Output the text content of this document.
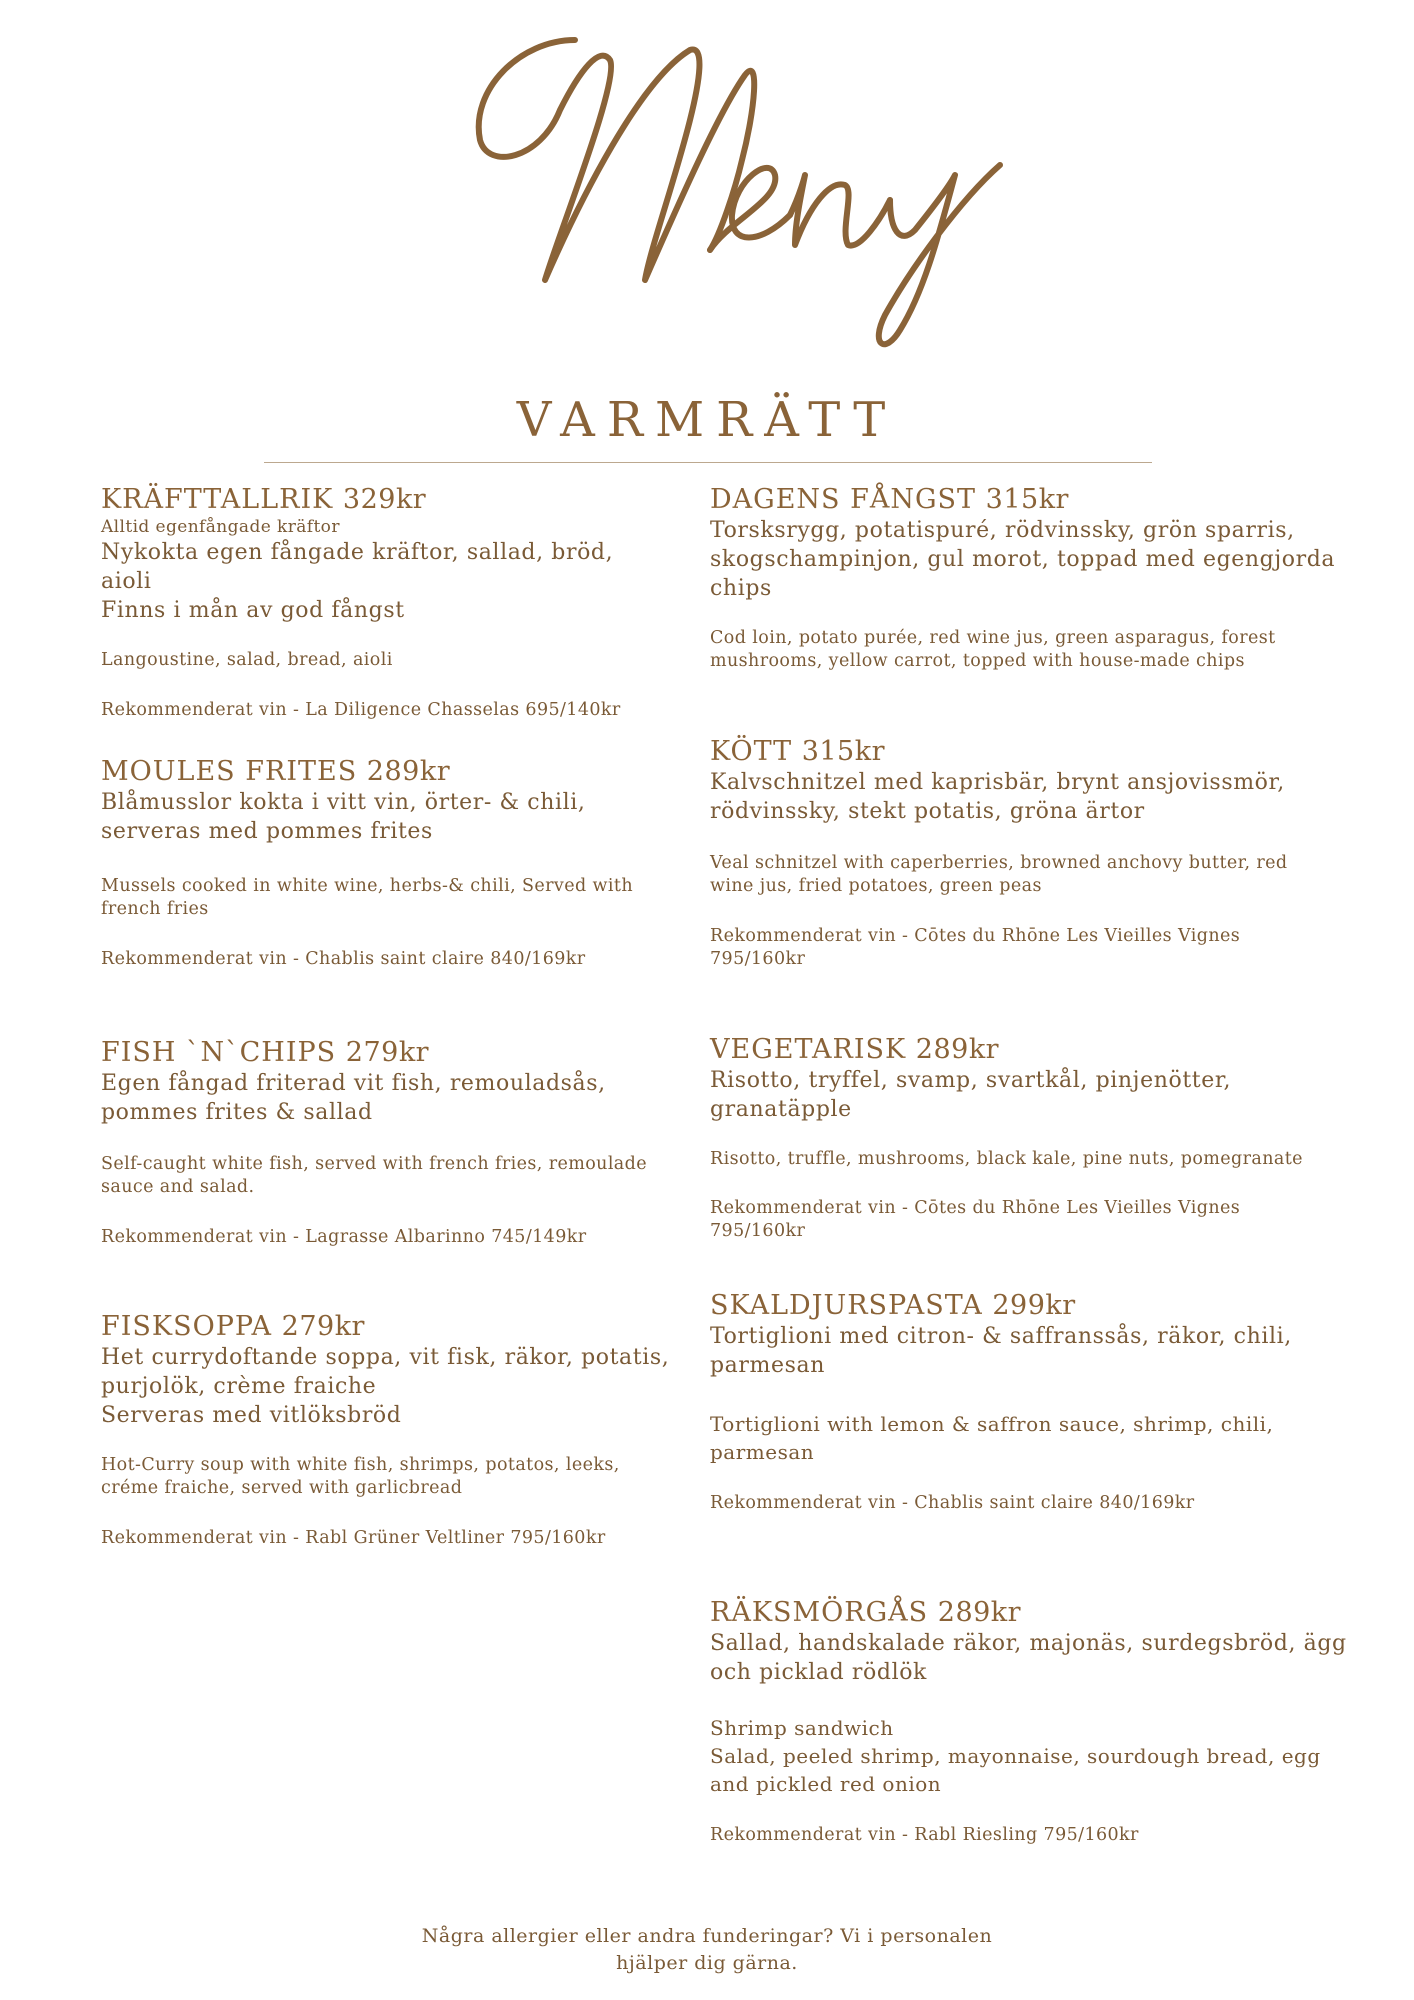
VARMRÄTT
KRÄFTTALLRIK 329kr
Alltid egenfångade kräftor
Nykokta egen fångade kräftor, sallad, bröd, aioli
Finns i mån av god fångst
Langoustine, salad, bread, aioli
Rekommenderat vin - La Diligence Chasselas 695/140kr
MOULES FRITES 289kr
Blåmusslor kokta i vitt vin, örter- & chili,
serveras med pommes frites
Mussels cooked in white wine, herbs-& chili, Served with
french fries
Rekommenderat vin - Chablis saint claire 840/169kr
FISH `N`CHIPS 279kr
Egen fångad friterad vit fish, remouladsås,
pommes frites & sallad
Self-caught white fish, served with french fries, remoulade
sauce and salad.
Rekommenderat vin - Lagrasse Albarinno 745/149kr
FISKSOPPA 279kr
Het currydoftande soppa, vit fisk, räkor, potatis,
purjolök, crème fraiche
Serveras med vitlöksbröd
Hot-Curry soup with white fish, shrimps, potatos, leeks,
créme fraiche, served with garlicbread
Rekommenderat vin - Rabl Grüner Veltliner 795/160kr
DAGENS FÅNGST 315kr
Torsksrygg, potatispuré, rödvinssky, grön sparris,
skogschampinjon, gul morot, toppad med egengjorda
chips
Cod loin, potato purée, red wine jus, green asparagus, forest
mushrooms, yellow carrot, topped with house-made chips
KÖTT 315kr
Kalvschnitzel med kaprisbär, brynt ansjovissmör,
rödvinssky, stekt potatis, gröna ärtor
Veal schnitzel with caperberries, browned anchovy butter, red
wine jus, fried potatoes, green peas
Rekommenderat vin - Cōtes du Rhōne Les Vieilles Vignes
795/160kr
VEGETARISK 289kr
Risotto, tryffel, svamp, svartkål, pinjenötter,
granatäpple
Risotto, truffle, mushrooms, black kale, pine nuts, pomegranate
Rekommenderat vin - Cōtes du Rhōne Les Vieilles Vignes
795/160kr
SKALDJURSPASTA 299kr
Tortiglioni med citron- & saffranssås, räkor, chili,
parmesan
Tortiglioni with lemon & saffron sauce, shrimp, chili,
parmesan
Rekommenderat vin - Chablis saint claire 840/169kr
RÄKSMÖRGÅS 289kr
Sallad, handskalade räkor, majonäs, surdegsbröd, ägg
och picklad rödlök
Shrimp sandwich
Salad, peeled shrimp, mayonnaise, sourdough bread, egg
and pickled red onion
Rekommenderat vin - Rabl Riesling 795/160kr
Några allergier eller andra funderingar? Vi i personalen
hjälper dig gärna.
